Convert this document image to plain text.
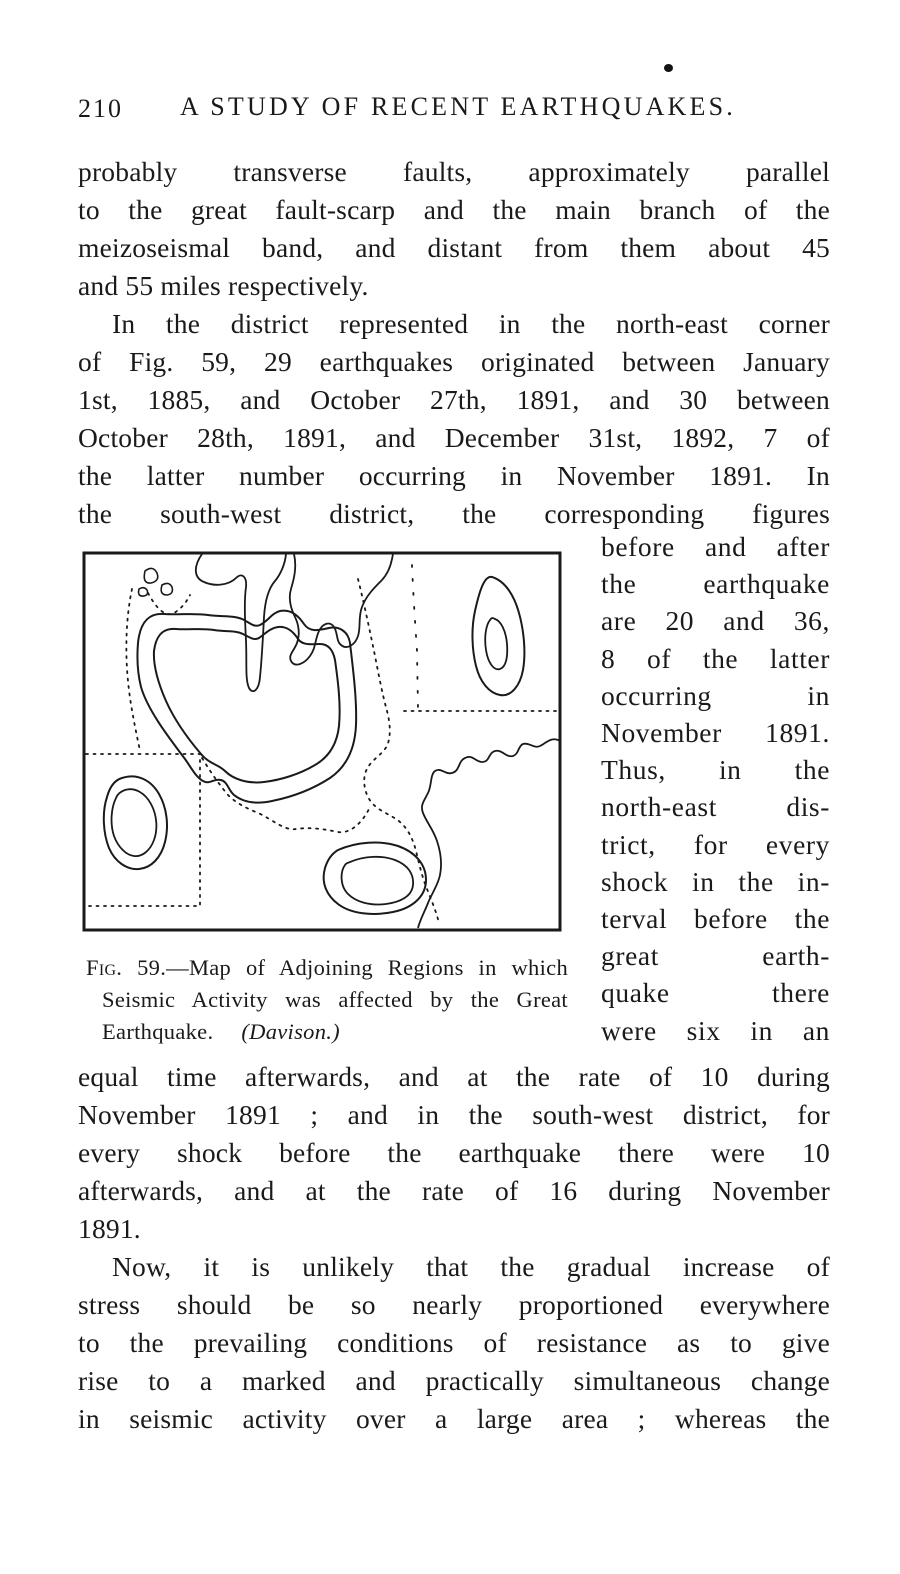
210 A STUDY OF RECENT EARTHQUAKES.
probably transverse faults, approximately parallel
to the great fault-scarp and the main branch of the
meizoseismal band, and distant from them about 45
and 55 miles respectively.
In the district represented in the north-east corner
of Fig. 59, 29 earthquakes originated between January
1st, 1885, and October 27th, 1891, and 30 between
October 28th, 1891, and December 31st, 1892, 7 of
the latter number occurring in November 1891. In
the south-west district, the corresponding figures
before and after
the earthquake
are 20 and 36,
8 of the latter
occurring in
November 1891.
Thus, in the
north-east dis-
trict, for every
shock in the in-
terval before the
great earth-
quake there
were six in an
Fig. 59.—Map of Adjoining Regions in which
Seismic Activity was affected by the Great
Earthquake. (Davison.)
equal time afterwards, and at the rate of 10 during
November 1891 ; and in the south-west district, for
every shock before the earthquake there were 10
afterwards, and at the rate of 16 during November
1891.
Now, it is unlikely that the gradual increase of
stress should be so nearly proportioned everywhere
to the prevailing conditions of resistance as to give
rise to a marked and practically simultaneous change
in seismic activity over a large area ; whereas the
